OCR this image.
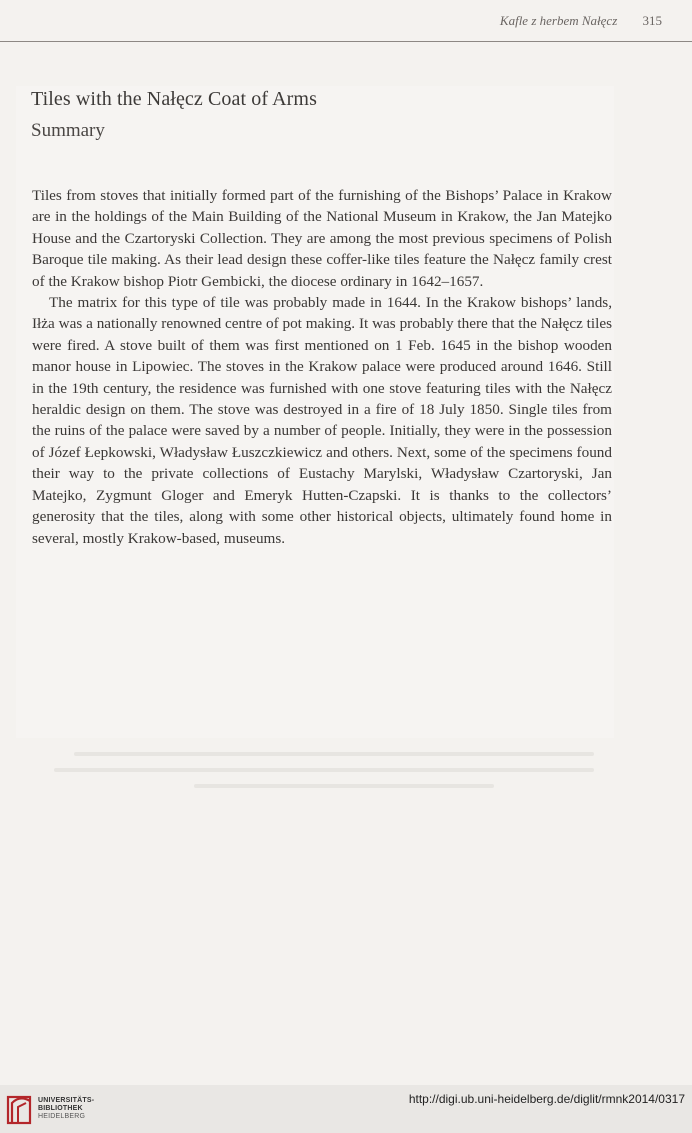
Kafle z herbem Nałęcz 315
Tiles with the Nałęcz Coat of Arms
Summary

Tiles from stoves that initially formed part of the furnishing of the Bishops’ Palace in Krakow are in the holdings of the Main Building of the National Museum in Krakow, the Jan Matejko House and the Czartoryski Collection. They are among the most previous specimens of Polish Baroque tile making. As their lead design these coffer-like tiles feature the Nałęcz family crest of the Krakow bishop Piotr Gembicki, the diocese ordinary in 1642–1657.

The matrix for this type of tile was probably made in 1644. In the Krakow bishops’ lands, Iłża was a nationally renowned centre of pot making. It was probably there that the Nałęcz tiles were fired. A stove built of them was first mentioned on 1 Feb. 1645 in the bishop wooden manor house in Lipowiec. The stoves in the Krakow palace were produced around 1646. Still in the 19th century, the residence was furnished with one stove featuring tiles with the Nałęcz heraldic design on them. The stove was destroyed in a fire of 18 July 1850. Single tiles from the ruins of the palace were saved by a number of people. Initially, they were in the possession of Józef Łepkowski, Władysław Łuszczkiewicz and others. Next, some of the specimens found their way to the private collections of Eustachy Marylski, Władysław Czartoryski, Jan Matejko, Zygmunt Gloger and Emeryk Hutten-Czapski. It is thanks to the collectors’ generosity that the tiles, along with some other historical objects, ultimately found home in several, mostly Krakow-based, museums.

UNIVERSITÄTS-
BIBLIOTHEK
HEIDELBERG
http://digi.ub.uni-heidelberg.de/diglit/rmnk2014/0317
